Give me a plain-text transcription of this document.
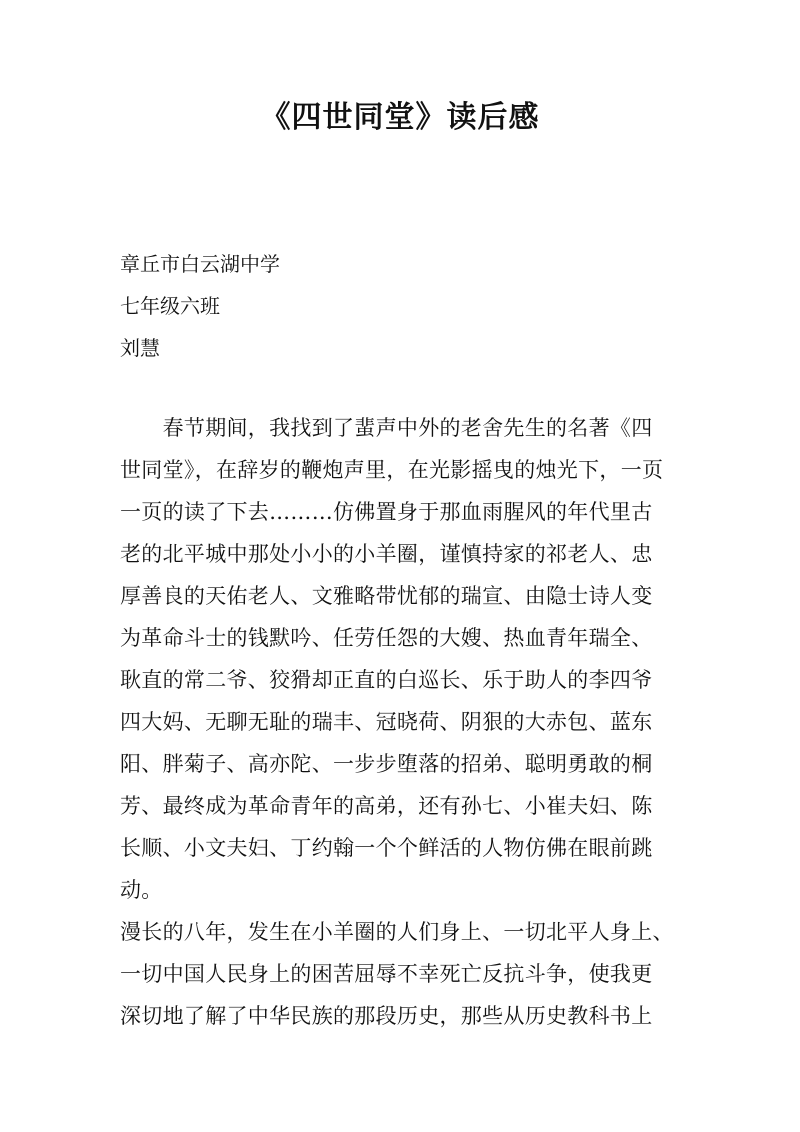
《四世同堂》读后感
章丘市白云湖中学
七年级六班
刘慧
　　春节期间，我找到了蜚声中外的老舍先生的名著《四
世同堂》，在辞岁的鞭炮声里，在光影摇曳的烛光下，一页
一页的读了下去………仿佛置身于那血雨腥风的年代里古
老的北平城中那处小小的小羊圈，谨慎持家的祁老人、忠
厚善良的天佑老人、文雅略带忧郁的瑞宣、由隐士诗人变
为革命斗士的钱默吟、任劳任怨的大嫂、热血青年瑞全、
耿直的常二爷、狡猾却正直的白巡长、乐于助人的李四爷
四大妈、无聊无耻的瑞丰、冠晓荷、阴狠的大赤包、蓝东
阳、胖菊子、高亦陀、一步步堕落的招弟、聪明勇敢的桐
芳、最终成为革命青年的高弟，还有孙七、小崔夫妇、陈
长顺、小文夫妇、丁约翰一个个鲜活的人物仿佛在眼前跳
动。
漫长的八年，发生在小羊圈的人们身上、一切北平人身上、
一切中国人民身上的困苦屈辱不幸死亡反抗斗争，使我更
深切地了解了中华民族的那段历史，那些从历史教科书上
